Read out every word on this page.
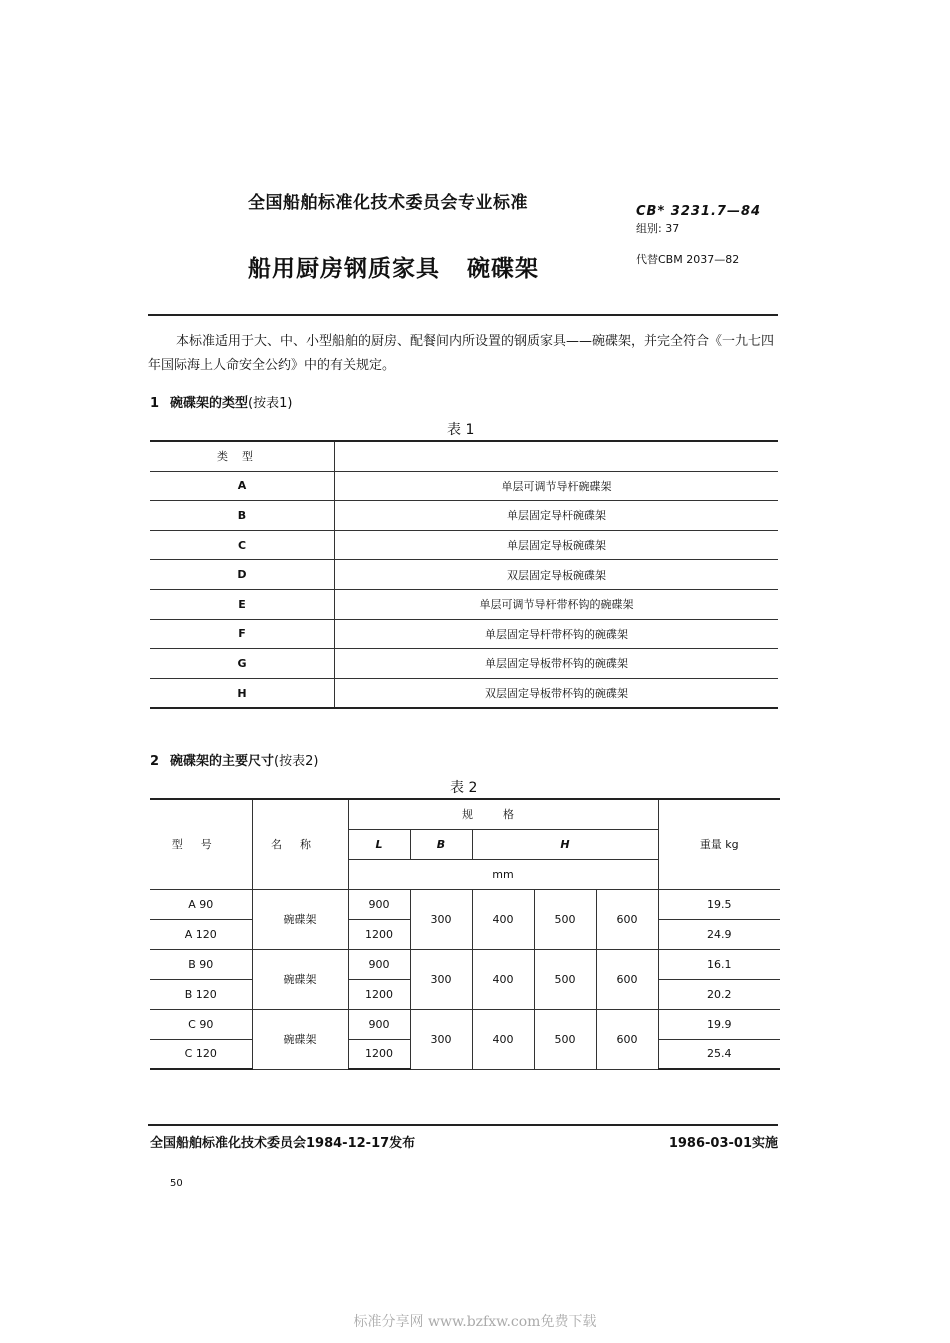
全国船舶标准化技术委员会专业标准	CB* 3231.7—84
组别: 37
船用厨房钢质家具 碗碟架	代替CBM 2037—82
本标准适用于大、中、小型船舶的厨房、配餐间内所设置的钢质家具——碗碟架，并完全符合《一九七四年国际海上人命安全公约》中的有关规定。
1 碗碟架的类型(按表1)
表 1
类型	
A	单层可调节导杆碗碟架
B	单层固定导杆碗碟架
C	单层固定导板碗碟架
D	双层固定导板碗碟架
E	单层可调节导杆带杯钩的碗碟架
F	单层固定导杆带杯钩的碗碟架
G	单层固定导板带杯钩的碗碟架
H	双层固定导板带杯钩的碗碟架
2 碗碟架的主要尺寸(按表2)
表 2
型号	名称	规格					重量 kg
		L	B	H			
		mm					
A 90	碗碟架	900	300	400	500	600	19.5
A 120		1200					24.9
B 90	碗碟架	900	300	400	500	600	16.1
B 120		1200					20.2
C 90	碗碟架	900	300	400	500	600	19.9
C 120		1200					25.4
全国船舶标准化技术委员会1984-12-17发布	1986-03-01实施
50
标准分享网 www.bzfxw.com免费下载
